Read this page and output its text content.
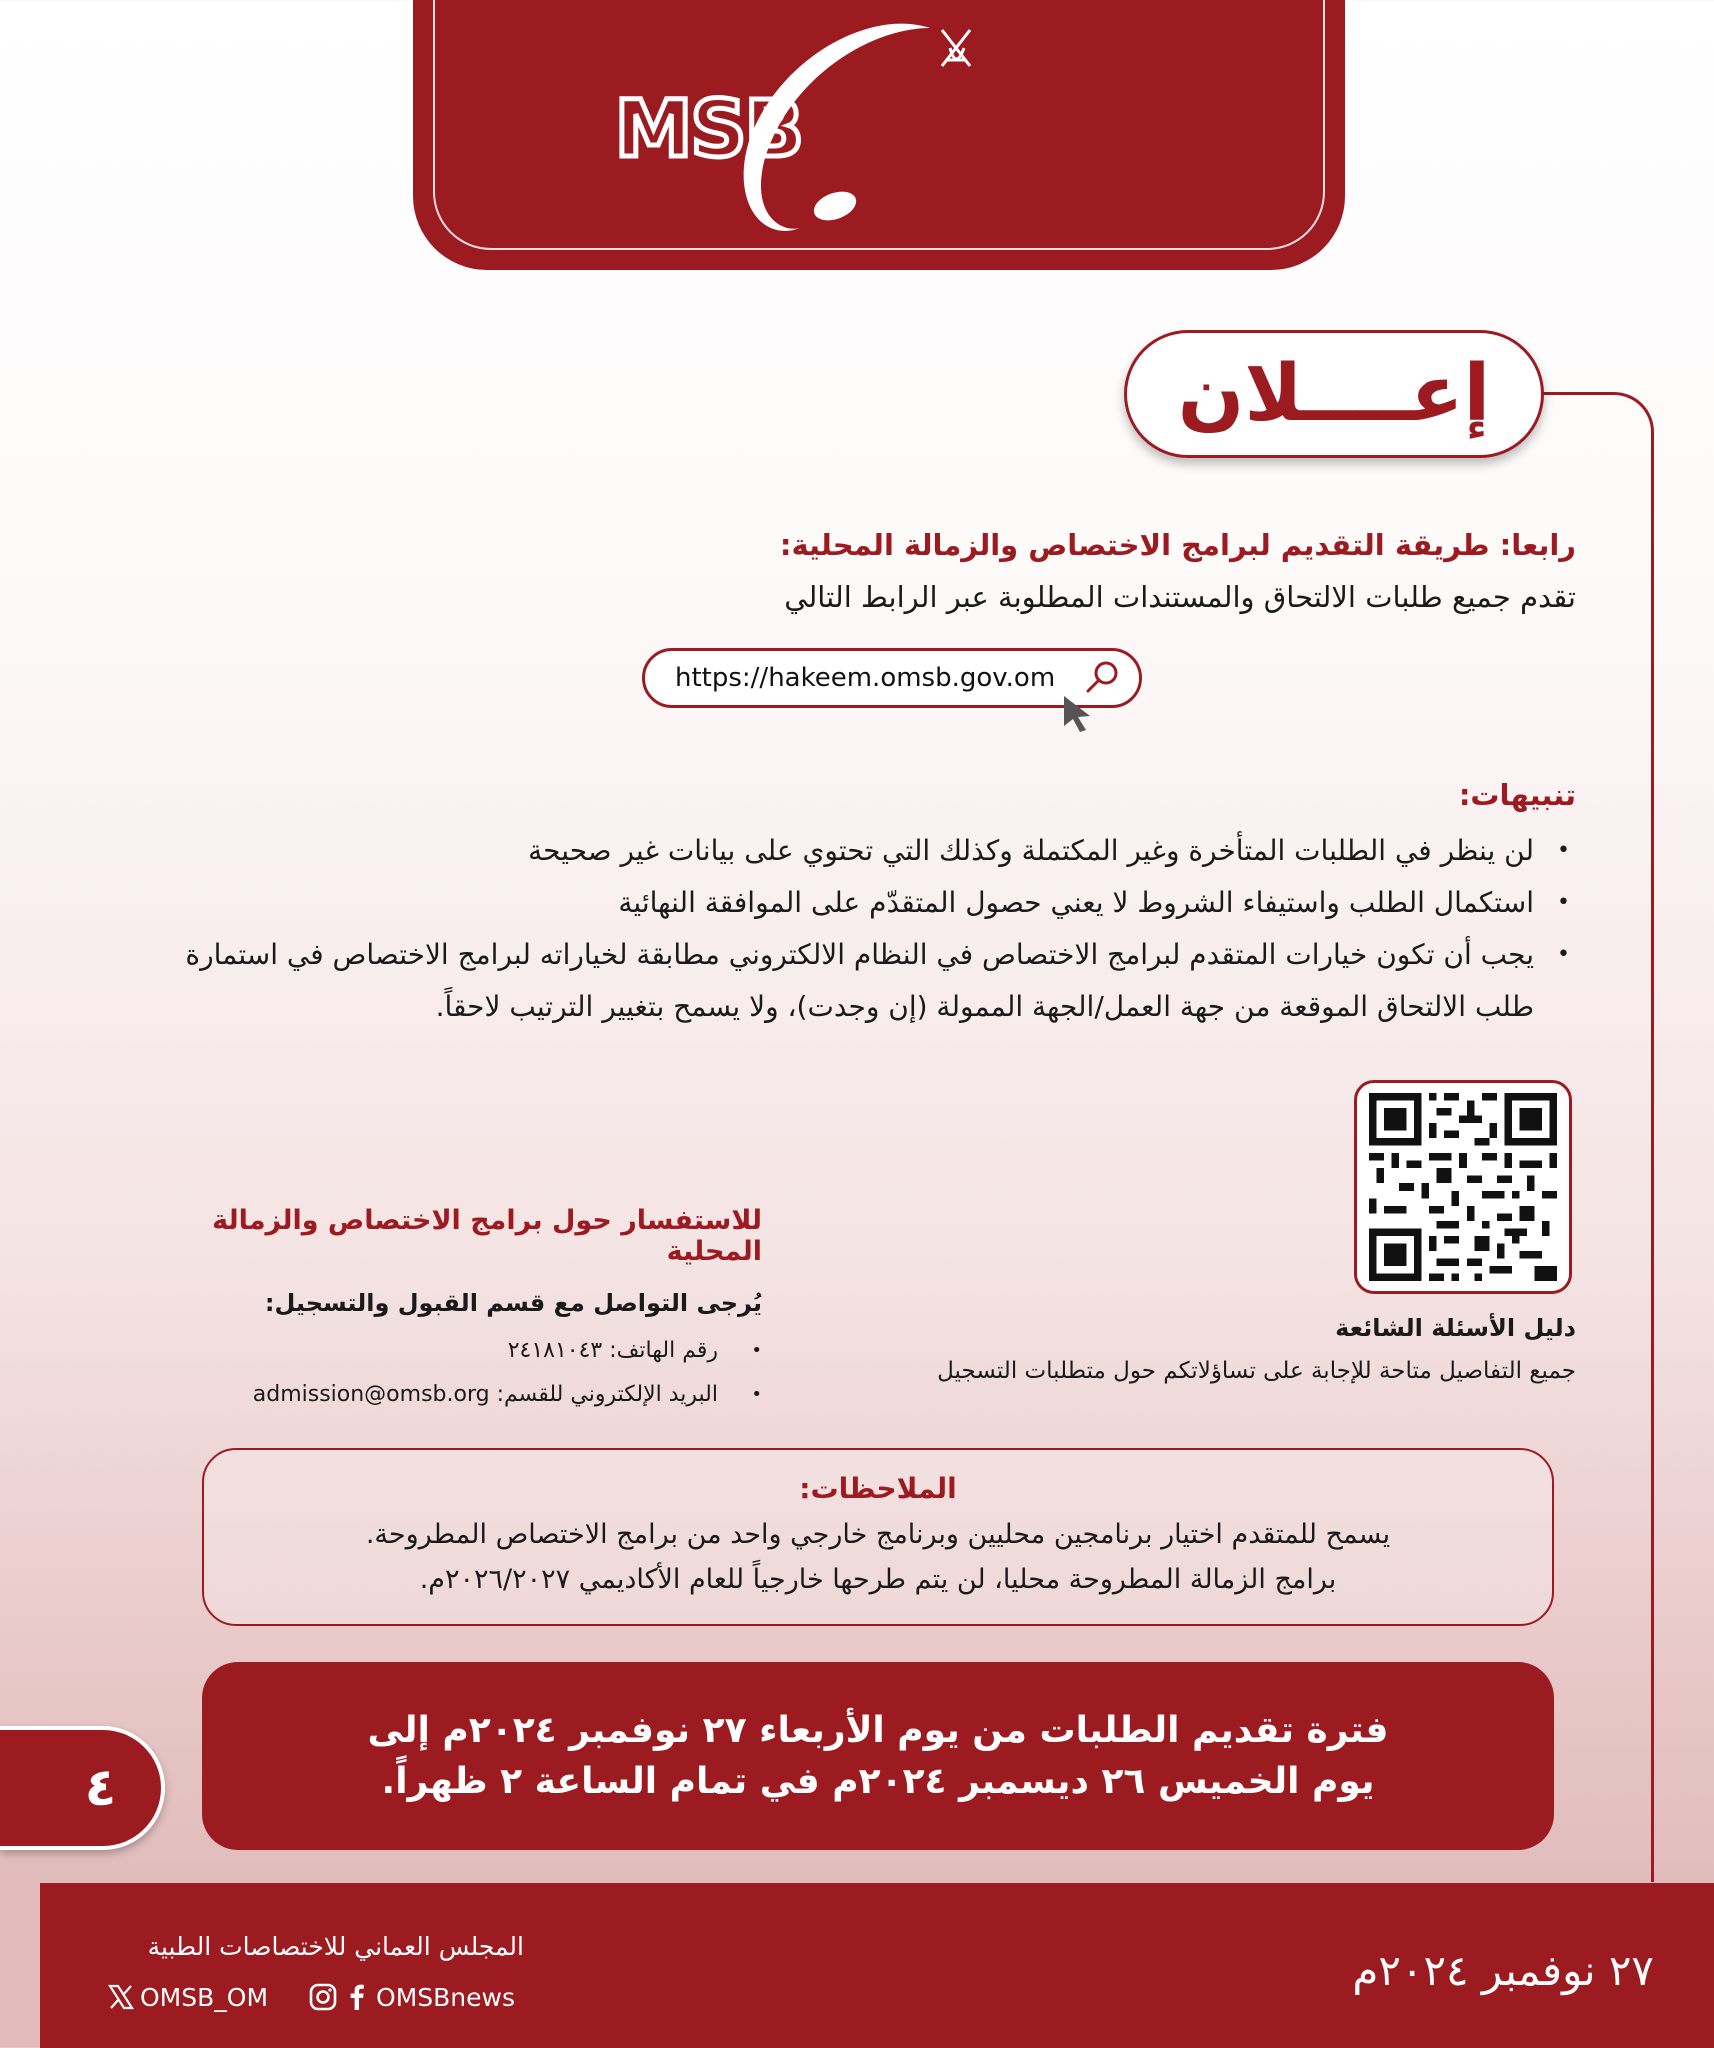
MSB
إعــــلان
رابعا: طريقة التقديم لبرامج الاختصاص والزمالة المحلية:
تقدم جميع طلبات الالتحاق والمستندات المطلوبة عبر الرابط التالي
https://hakeem.omsb.gov.om
تنبيهات:
• لن ينظر في الطلبات المتأخرة وغير المكتملة وكذلك التي تحتوي على بيانات غير صحيحة
• استكمال الطلب واستيفاء الشروط لا يعني حصول المتقدّم على الموافقة النهائية
• يجب أن تكون خيارات المتقدم لبرامج الاختصاص في النظام الالكتروني مطابقة لخياراته لبرامج الاختصاص في استمارة طلب الالتحاق الموقعة من جهة العمل/الجهة الممولة (إن وجدت)، ولا يسمح بتغيير الترتيب لاحقاً.
دليل الأسئلة الشائعة
جميع التفاصيل متاحة للإجابة على تساؤلاتكم حول متطلبات التسجيل
للاستفسار حول برامج الاختصاص والزمالة المحلية
يُرجى التواصل مع قسم القبول والتسجيل:
• رقم الهاتف: ٢٤١٨١٠٤٣
• البريد الإلكتروني للقسم: admission@omsb.org
الملاحظات:
يسمح للمتقدم اختيار برنامجين محليين وبرنامج خارجي واحد من برامج الاختصاص المطروحة.
برامج الزمالة المطروحة محليا، لن يتم طرحها خارجياً للعام الأكاديمي ٢٠٢٦/٢٠٢٧م.
فترة تقديم الطلبات من يوم الأربعاء ٢٧ نوفمبر ٢٠٢٤م إلى
يوم الخميس ٢٦ ديسمبر ٢٠٢٤م في تمام الساعة ٢ ظهراً.
٤
٢٧ نوفمبر ٢٠٢٤م
المجلس العماني للاختصاصات الطبية
OMSB_OM	OMSBnews
